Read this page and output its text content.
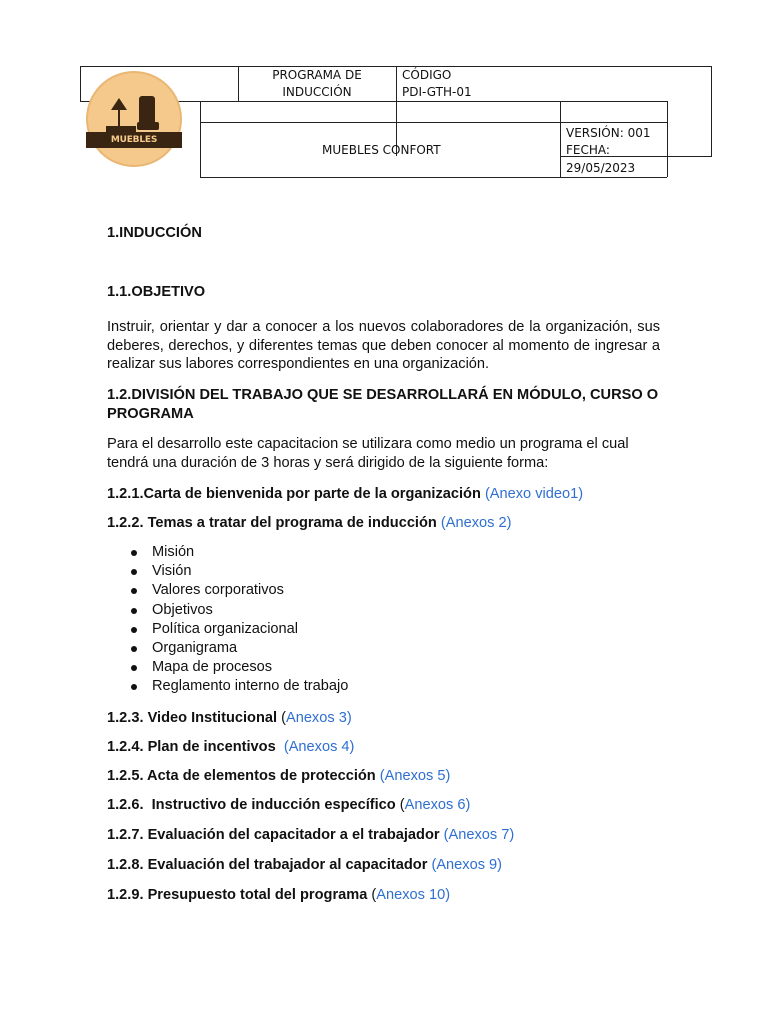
MUEBLES COMFORT
PROGRAMA DE INDUCCIÓN
CÓDIGO
PDI-GTH-01
MUEBLES CONFORT
VERSIÓN: 001
FECHA:
29/05/2023
1.INDUCCIÓN
1.1.OBJETIVO
Instruir, orientar y dar a conocer a los nuevos colaboradores de la organización, sus deberes, derechos, y diferentes temas que deben conocer al momento de ingresar a realizar sus labores correspondientes en una organización.
1.2.DIVISIÓN DEL TRABAJO QUE SE DESARROLLARÁ EN MÓDULO, CURSO O PROGRAMA
Para el desarrollo este capacitacion se utilizara como medio un programa el cual tendrá una duración de 3 horas y será dirigido de la siguiente forma:
1.2.1.Carta de bienvenida por parte de la organización (Anexo video1)
1.2.2. Temas a tratar del programa de inducción (Anexos 2)
Misión
Visión
Valores corporativos
Objetivos
Política organizacional
Organigrama
Mapa de procesos
Reglamento interno de trabajo
1.2.3. Video Institucional (Anexos 3)
1.2.4. Plan de incentivos (Anexos 4)
1.2.5. Acta de elementos de protección (Anexos 5)
1.2.6.  Instructivo de inducción específico (Anexos 6)
1.2.7. Evaluación del capacitador a el trabajador (Anexos 7)
1.2.8. Evaluación del trabajador al capacitador (Anexos 9)
1.2.9. Presupuesto total del programa (Anexos 10)
